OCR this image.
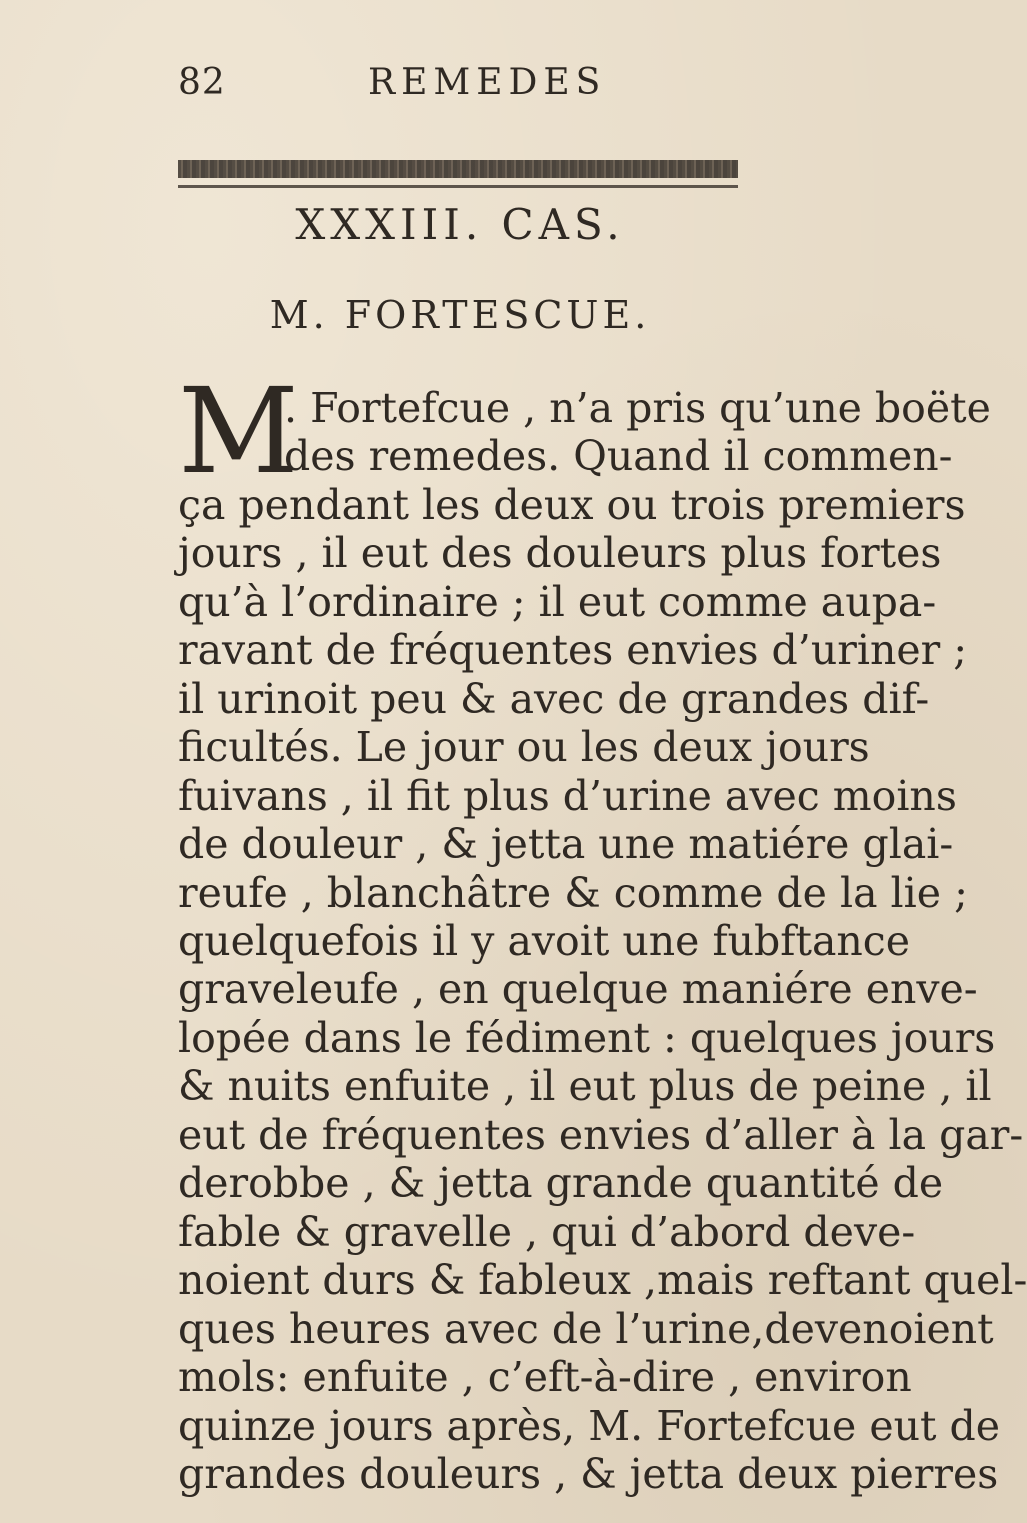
82	REMEDES
XXXIII. CAS.
M. FORTESCUE.
M
. Fortefcue , n’a pris qu’une boëte
des remedes. Quand il commen-
ça pendant les deux ou trois premiers
jours , il eut des douleurs plus fortes
qu’à l’ordinaire ; il eut comme aupa-
ravant de fréquentes envies d’uriner ;
il urinoit peu & avec de grandes dif-
ficultés. Le jour ou les deux jours
fuivans , il fit plus d’urine avec moins
de douleur , & jetta une matiére glai-
reufe , blanchâtre & comme de la lie ;
quelquefois il y avoit une fubftance
graveleufe , en quelque maniére enve-
lopée dans le fédiment : quelques jours
& nuits enfuite , il eut plus de peine , il
eut de fréquentes envies d’aller à la gar-
derobbe , & jetta grande quantité de
fable & gravelle , qui d’abord deve-
noient durs & fableux ,mais reftant quel-
ques heures avec de l’urine,devenoient
mols: enfuite , c’eft-à-dire , environ
quinze jours après, M. Fortefcue eut de
grandes douleurs , & jetta deux pierres
